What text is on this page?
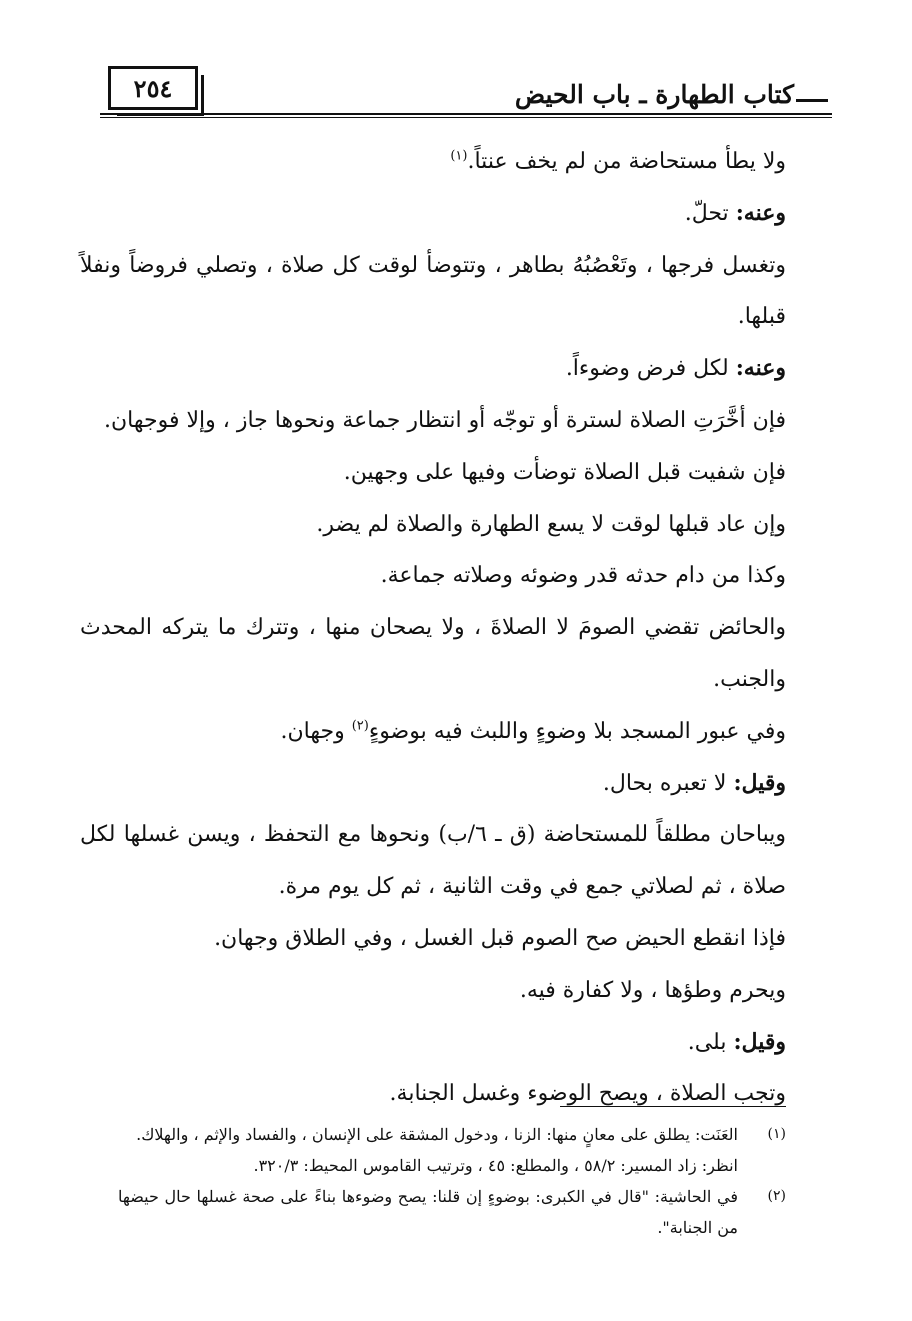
٢٥٤	كتاب الطهارة ـ باب الحيض

ولا يطأ مستحاضة من لم يخف عنتاً.$^{(١)}$

وعنه: تحلّ.

وتغسل فرجها ، وتَعْصُبُهُ بطاهر ، وتتوضأ لوقت كل صلاة ، وتصلي فروضاً ونفلاً قبلها.

وعنه: لكل فرض وضوءاً.

فإن أخَّرَتِ الصلاة لسترة أو توجّه أو انتظار جماعة ونحوها جاز ، وإلا فوجهان.

فإن شفيت قبل الصلاة توضأت وفيها على وجهين.

وإن عاد قبلها لوقت لا يسع الطهارة والصلاة لم يضر.

وكذا من دام حدثه قدر وضوئه وصلاته جماعة.

والحائض تقضي الصومَ لا الصلاةَ ، ولا يصحان منها ، وتترك ما يتركه المحدث والجنب.

وفي عبور المسجد بلا وضوءٍ واللبث فيه بوضوءٍ$^{(٢)}$ وجهان.

وقيل: لا تعبره بحال.

ويباحان مطلقاً للمستحاضة (ق ـ ٦/ب) ونحوها مع التحفظ ، ويسن غسلها لكل صلاة ، ثم لصلاتي جمع في وقت الثانية ، ثم كل يوم مرة.

فإذا انقطع الحيض صح الصوم قبل الغسل ، وفي الطلاق وجهان.

ويحرم وطؤها ، ولا كفارة فيه.

وقيل: بلى.

وتجب الصلاة ، ويصح الوضوء وغسل الجنابة.

(١)

العَنَت: يطلق على معانٍ منها: الزنا ، ودخول المشقة على الإنسان ، والفساد والإثم ، والهلاك.

انظر: زاد المسير: ٥٨/٢ ، والمطلع: ٤٥ ، وترتيب القاموس المحيط: ٣٢٠/٣.

(٢)

في الحاشية: "قال في الكبرى: بوضوءٍ إن قلنا: يصح وضوءها بناءً على صحة غسلها حال حيضها من الجنابة".
